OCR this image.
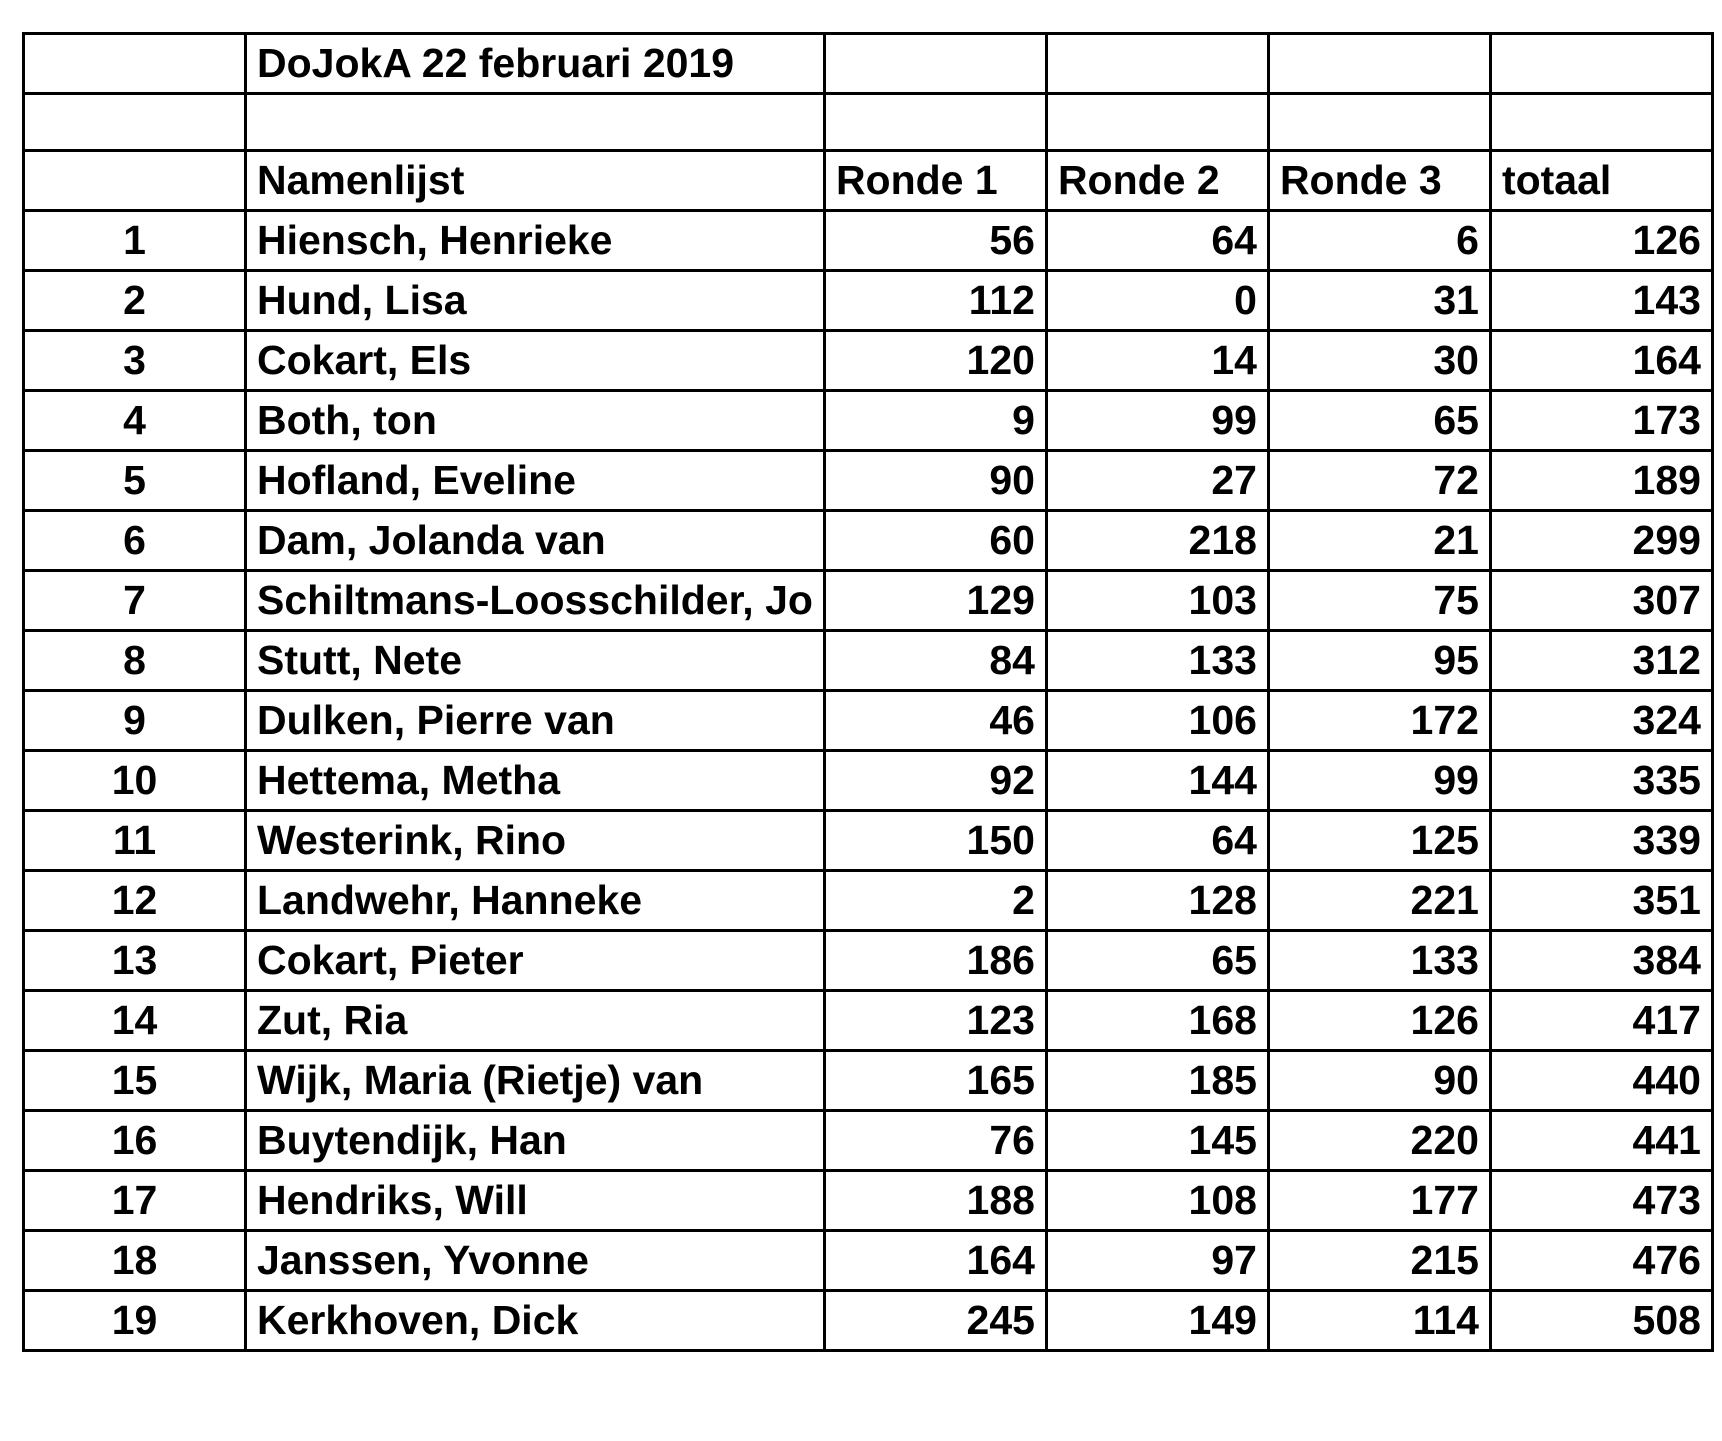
	DoJokA 22 februari 2019				

	Namenlijst	Ronde 1	Ronde 2	Ronde 3	totaal
1	Hiensch, Henrieke	56	64	6	126
2	Hund, Lisa	112	0	31	143
3	Cokart, Els	120	14	30	164
4	Both, ton	9	99	65	173
5	Hofland, Eveline	90	27	72	189
6	Dam, Jolanda van	60	218	21	299
7	Schiltmans-Loosschilder, Jo	129	103	75	307
8	Stutt, Nete	84	133	95	312
9	Dulken, Pierre van	46	106	172	324
10	Hettema, Metha	92	144	99	335
11	Westerink, Rino	150	64	125	339
12	Landwehr, Hanneke	2	128	221	351
13	Cokart, Pieter	186	65	133	384
14	Zut, Ria	123	168	126	417
15	Wijk, Maria (Rietje) van	165	185	90	440
16	Buytendijk, Han	76	145	220	441
17	Hendriks, Will	188	108	177	473
18	Janssen, Yvonne	164	97	215	476
19	Kerkhoven, Dick	245	149	114	508
